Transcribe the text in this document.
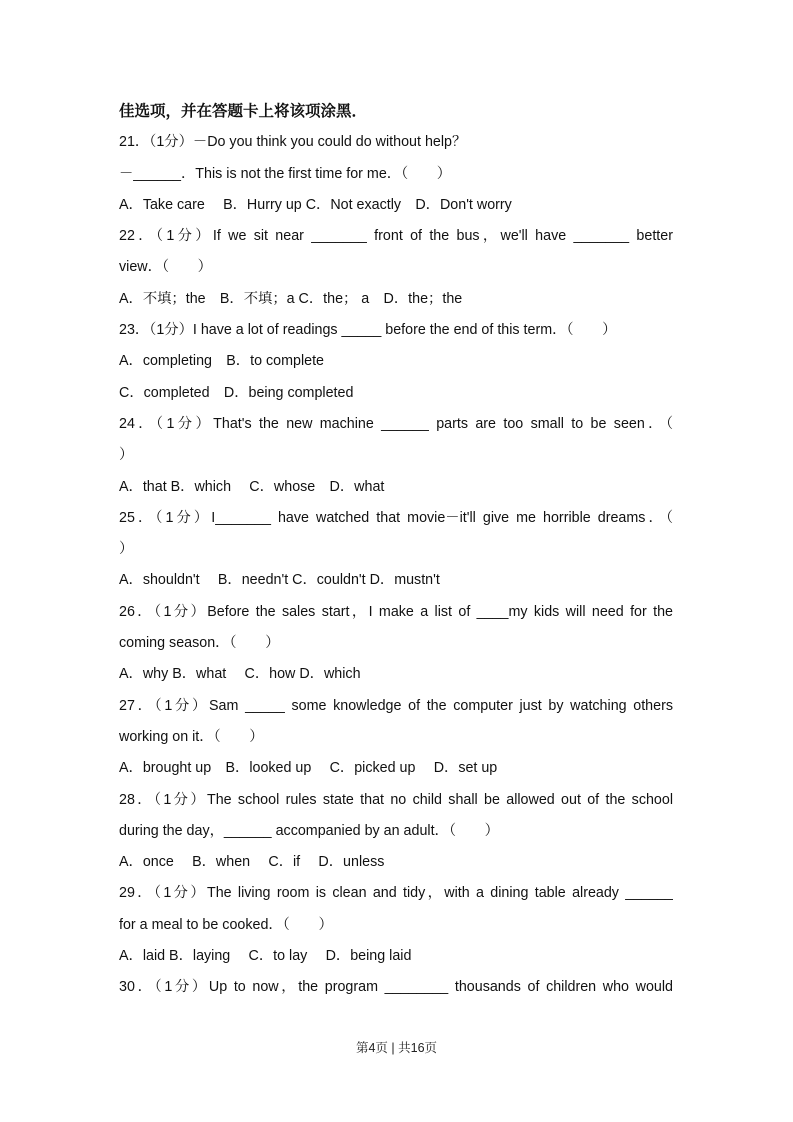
佳选项，并在答题卡上将该项涂黑．
21．（1分）－Do you think you could do without help？
－______．This is not the first time for me．（　　）
A．Take care　 B．Hurry up C．Not exactly　D．Don't worry
22．（1分）If we sit near _______ front of the bus，we'll have _______ better
view．（　　）
A．不填；the　B．不填；a C．the； a　D．the；the
23．（1分）I have a lot of readings _____ before the end of this term．（　　）
A．completing　B．to complete
C．completed　D．being completed
24．（1分）That's the new machine ______ parts are too small to be seen．（
）
A．that B．which　 C．whose　D．what
25．（1分）I_______ have watched that movie－it'll give me horrible dreams．（
）
A．shouldn't　 B．needn't C．couldn't D．mustn't
26．（1分）Before the sales start，I make a list of ____my kids will need for the
coming season．（　　）
A．why B．what　 C．how D．which
27．（1分）Sam _____ some knowledge of the computer just by watching others
working on it．（　　）
A．brought up　B．looked up　 C．picked up　 D．set up
28．（1分）The school rules state that no child shall be allowed out of the school
during the day，______ accompanied by an adult．（　　）
A．once　 B．when　 C．if　 D．unless
29．（1分）The living room is clean and tidy，with a dining table already ______
for a meal to be cooked．（　　）
A．laid B．laying　 C．to lay　 D．being laid
30．（1分）Up to now，the program ________ thousands of children who would
第4页 | 共16页
